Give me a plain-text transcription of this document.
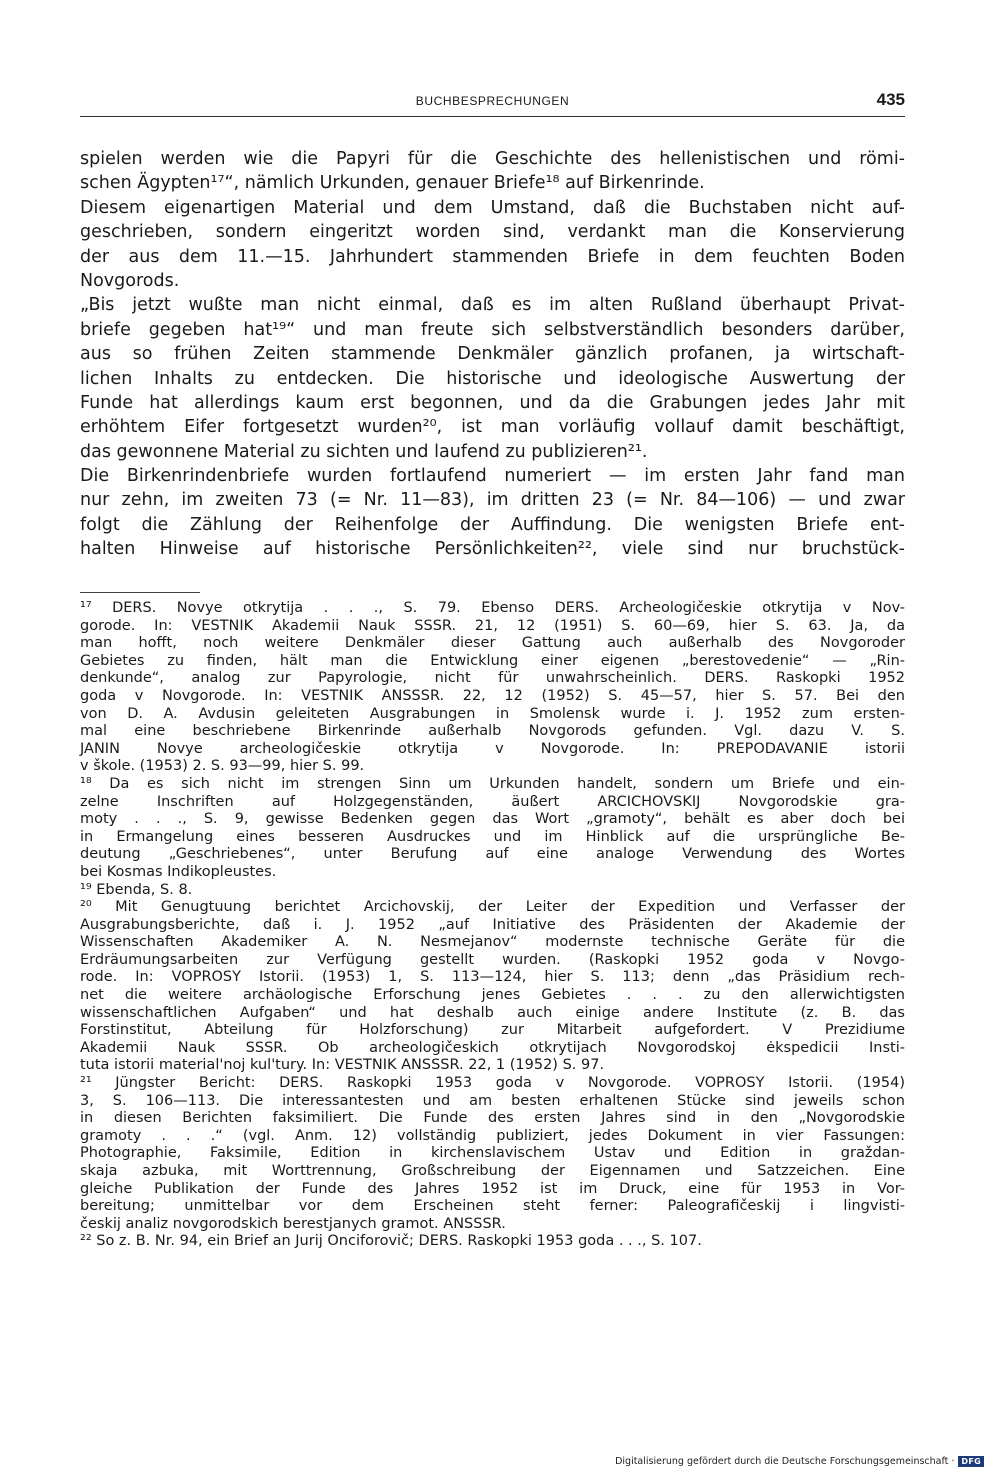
BUCHBESPRECHUNGEN	435
spielen werden wie die Papyri für die Geschichte des hellenistischen und römi-
schen Ägypten¹⁷“, nämlich Urkunden, genauer Briefe¹⁸ auf Birkenrinde.
Diesem eigenartigen Material und dem Umstand, daß die Buchstaben nicht auf-
geschrieben, sondern eingeritzt worden sind, verdankt man die Konservierung
der aus dem 11.—15. Jahrhundert stammenden Briefe in dem feuchten Boden
Novgorods.
„Bis jetzt wußte man nicht einmal, daß es im alten Rußland überhaupt Privat-
briefe gegeben hat¹⁹“ und man freute sich selbstverständlich besonders darüber,
aus so frühen Zeiten stammende Denkmäler gänzlich profanen, ja wirtschaft-
lichen Inhalts zu entdecken. Die historische und ideologische Auswertung der
Funde hat allerdings kaum erst begonnen, und da die Grabungen jedes Jahr mit
erhöhtem Eifer fortgesetzt wurden²⁰, ist man vorläufig vollauf damit beschäftigt,
das gewonnene Material zu sichten und laufend zu publizieren²¹.
Die Birkenrindenbriefe wurden fortlaufend numeriert — im ersten Jahr fand man
nur zehn, im zweiten 73 (= Nr. 11—83), im dritten 23 (= Nr. 84—106) — und zwar
folgt die Zählung der Reihenfolge der Auffindung. Die wenigsten Briefe ent-
halten Hinweise auf historische Persönlichkeiten²², viele sind nur bruchstück-
¹⁷ DERS. Novye otkrytija . . ., S. 79. Ebenso DERS. Archeologičeskie otkrytija v Nov-
gorode. In: VESTNIK Akademii Nauk SSSR. 21, 12 (1951) S. 60—69, hier S. 63. Ja, da
man hofft, noch weitere Denkmäler dieser Gattung auch außerhalb des Novgoroder
Gebietes zu finden, hält man die Entwicklung einer eigenen „berestovedenie“ — „Rin-
denkunde“, analog zur Papyrologie, nicht für unwahrscheinlich. DERS. Raskopki 1952
goda v Novgorode. In: VESTNIK ANSSSR. 22, 12 (1952) S. 45—57, hier S. 57. Bei den
von D. A. Avdusin geleiteten Ausgrabungen in Smolensk wurde i. J. 1952 zum ersten-
mal eine beschriebene Birkenrinde außerhalb Novgorods gefunden. Vgl. dazu V. S.
JANIN Novye archeologičeskie otkrytija v Novgorode. In: PREPODAVANIE istorii
v škole. (1953) 2. S. 93—99, hier S. 99.
¹⁸ Da es sich nicht im strengen Sinn um Urkunden handelt, sondern um Briefe und ein-
zelne Inschriften auf Holzgegenständen, äußert ARCICHOVSKIJ Novgorodskie gra-
moty . . ., S. 9, gewisse Bedenken gegen das Wort „gramoty“, behält es aber doch bei
in Ermangelung eines besseren Ausdruckes und im Hinblick auf die ursprüngliche Be-
deutung „Geschriebenes“, unter Berufung auf eine analoge Verwendung des Wortes
bei Kosmas Indikopleustes.
¹⁹ Ebenda, S. 8.
²⁰ Mit Genugtuung berichtet Arcichovskij, der Leiter der Expedition und Verfasser der
Ausgrabungsberichte, daß i. J. 1952 „auf Initiative des Präsidenten der Akademie der
Wissenschaften Akademiker A. N. Nesmejanov“ modernste technische Geräte für die
Erdräumungsarbeiten zur Verfügung gestellt wurden. (Raskopki 1952 goda v Novgo-
rode. In: VOPROSY Istorii. (1953) 1, S. 113—124, hier S. 113; denn „das Präsidium rech-
net die weitere archäologische Erforschung jenes Gebietes . . . zu den allerwichtigsten
wissenschaftlichen Aufgaben“ und hat deshalb auch einige andere Institute (z. B. das
Forstinstitut, Abteilung für Holzforschung) zur Mitarbeit aufgefordert. V Prezidiume
Akademii Nauk SSSR. Ob archeologičeskich otkrytijach Novgorodskoj ėkspedicii Insti-
tuta istorii material'noj kul'tury. In: VESTNIK ANSSSR. 22, 1 (1952) S. 97.
²¹ Jüngster Bericht: DERS. Raskopki 1953 goda v Novgorode. VOPROSY Istorii. (1954)
3, S. 106—113. Die interessantesten und am besten erhaltenen Stücke sind jeweils schon
in diesen Berichten faksimiliert. Die Funde des ersten Jahres sind in den „Novgorodskie
gramoty . . .“ (vgl. Anm. 12) vollständig publiziert, jedes Dokument in vier Fassungen:
Photographie, Faksimile, Edition in kirchenslavischem Ustav und Edition in graždan-
skaja azbuka, mit Worttrennung, Großschreibung der Eigennamen und Satzzeichen. Eine
gleiche Publikation der Funde des Jahres 1952 ist im Druck, eine für 1953 in Vor-
bereitung; unmittelbar vor dem Erscheinen steht ferner: Paleografičeskij i lingvisti-
českij analiz novgorodskich berestjanych gramot. ANSSSR.
²² So z. B. Nr. 94, ein Brief an Jurij Onciforovič; DERS. Raskopki 1953 goda . . ., S. 107.
Digitalisierung gefördert durch die Deutsche Forschungsgemeinschaft · DFG
